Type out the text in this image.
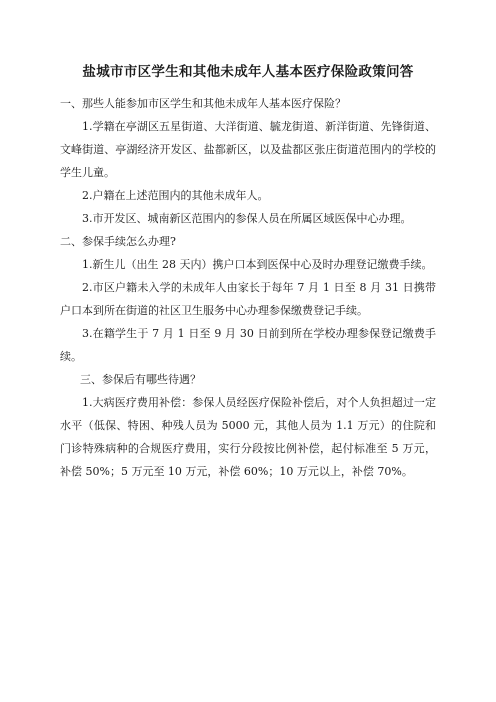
盐城市市区学生和其他未成年人基本医疗保险政策问答

一、那些人能参加市区学生和其他未成年人基本医疗保险？

1.学籍在亭湖区五星街道、大洋街道、毓龙街道、新洋街道、先锋街道、文峰街道、亭湖经济开发区、盐都新区，以及盐都区张庄街道范围内的学校的学生儿童。

2.户籍在上述范围内的其他未成年人。

3.市开发区、城南新区范围内的参保人员在所属区域医保中心办理。

二、参保手续怎么办理?

1.新生儿（出生 28 天内）携户口本到医保中心及时办理登记缴费手续。

2.市区户籍未入学的未成年人由家长于每年 7 月 1 日至 8 月 31 日携带户口本到所在街道的社区卫生服务中心办理参保缴费登记手续。

3.在籍学生于 7 月 1 日至 9 月 30 日前到所在学校办理参保登记缴费手续。

三、参保后有哪些待遇？

1.大病医疗费用补偿：参保人员经医疗保险补偿后，对个人负担超过一定水平（低保、特困、种残人员为 5000 元，其他人员为 1.1 万元）的住院和门诊特殊病种的合规医疗费用，实行分段按比例补偿，起付标准至 5 万元，补偿 50%；5 万元至 10 万元，补偿 60%；10 万元以上，补偿 70%。
